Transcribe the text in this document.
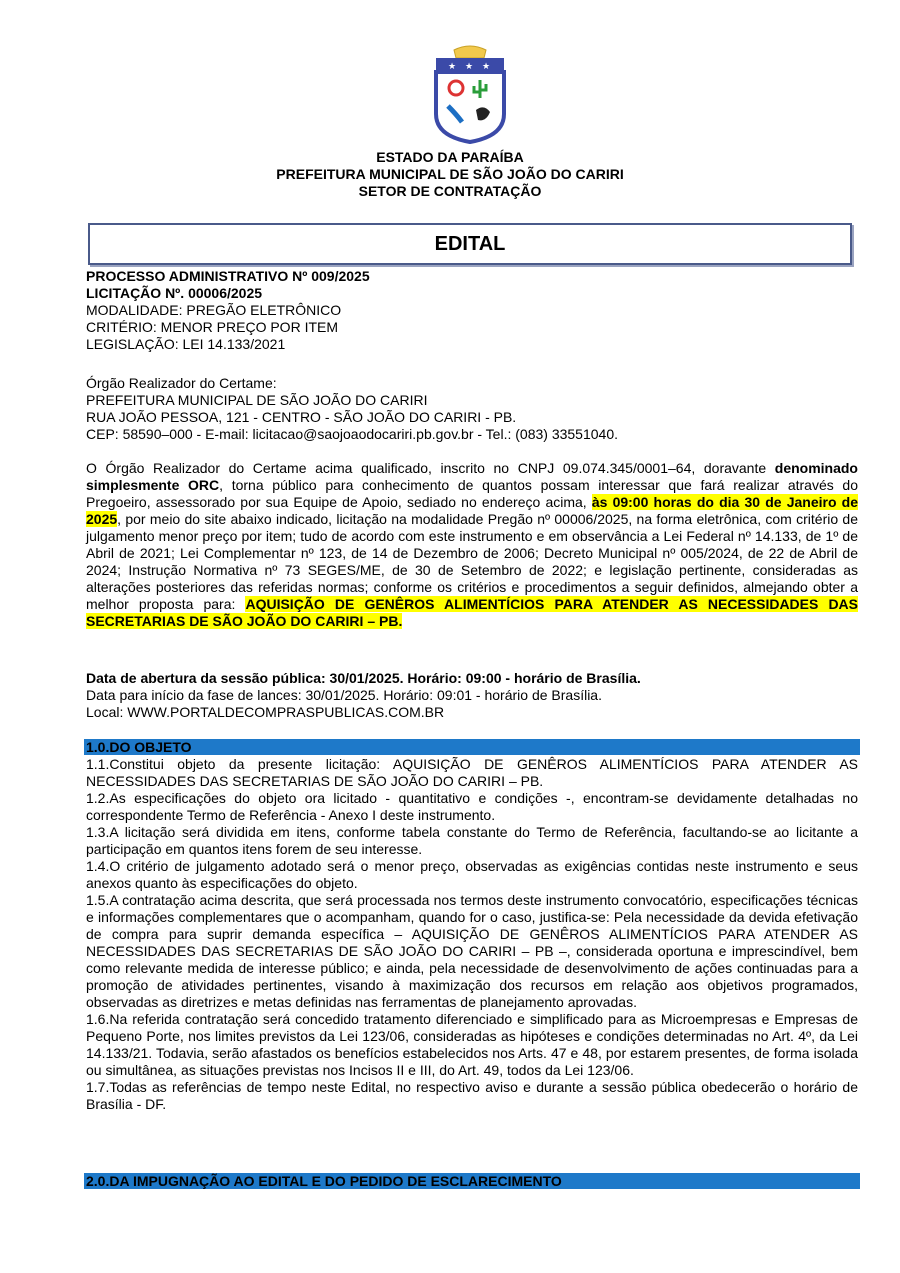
★ ★ ★
ESTADO DA PARAÍBA
PREFEITURA MUNICIPAL DE SÃO JOÃO DO CARIRI
SETOR DE CONTRATAÇÃO
EDITAL

PROCESSO ADMINISTRATIVO Nº 009/2025

LICITAÇÃO Nº. 00006/2025

MODALIDADE: PREGÃO ELETRÔNICO

CRITÉRIO: MENOR PREÇO POR ITEM

LEGISLAÇÃO: LEI 14.133/2021

Órgão Realizador do Certame:

PREFEITURA MUNICIPAL DE SÃO JOÃO DO CARIRI

RUA JOÃO PESSOA, 121 - CENTRO - SÃO JOÃO DO CARIRI - PB.

CEP: 58590–000 - E-mail: licitacao@saojoaodocariri.pb.gov.br - Tel.: (083) 33551040.

O Órgão Realizador do Certame acima qualificado, inscrito no CNPJ 09.074.345/0001–64, doravante denominado simplesmente ORC, torna público para conhecimento de quantos possam interessar que fará realizar através do Pregoeiro, assessorado por sua Equipe de Apoio, sediado no endereço acima, às 09:00 horas do dia 30 de Janeiro de 2025, por meio do site abaixo indicado, licitação na modalidade Pregão nº 00006/2025, na forma eletrônica, com critério de julgamento menor preço por item; tudo de acordo com este instrumento e em observância a Lei Federal nº 14.133, de 1º de Abril de 2021; Lei Complementar nº 123, de 14 de Dezembro de 2006; Decreto Municipal nº 005/2024, de 22 de Abril de 2024; Instrução Normativa nº 73 SEGES/ME, de 30 de Setembro de 2022; e legislação pertinente, consideradas as alterações posteriores das referidas normas; conforme os critérios e procedimentos a seguir definidos, almejando obter a melhor proposta para: AQUISIÇÃO DE GENÊROS ALIMENTÍCIOS PARA ATENDER AS NECESSIDADES DAS SECRETARIAS DE SÃO JOÃO DO CARIRI – PB.

Data de abertura da sessão pública: 30/01/2025. Horário: 09:00 - horário de Brasília.

Data para início da fase de lances: 30/01/2025. Horário: 09:01 - horário de Brasília.

Local: WWW.PORTALDECOMPRASPUBLICAS.COM.BR

1.0.DO OBJETO

1.1.Constitui objeto da presente licitação: AQUISIÇÃO DE GENÊROS ALIMENTÍCIOS PARA ATENDER AS NECESSIDADES DAS SECRETARIAS DE SÃO JOÃO DO CARIRI – PB.

1.2.As especificações do objeto ora licitado - quantitativo e condições -, encontram-se devidamente detalhadas no correspondente Termo de Referência - Anexo I deste instrumento.

1.3.A licitação será dividida em itens, conforme tabela constante do Termo de Referência, facultando-se ao licitante a participação em quantos itens forem de seu interesse.

1.4.O critério de julgamento adotado será o menor preço, observadas as exigências contidas neste instrumento e seus anexos quanto às especificações do objeto.

1.5.A contratação acima descrita, que será processada nos termos deste instrumento convocatório, especificações técnicas e informações complementares que o acompanham, quando for o caso, justifica-se: Pela necessidade da devida efetivação de compra para suprir demanda específica – AQUISIÇÃO DE GENÊROS ALIMENTÍCIOS PARA ATENDER AS NECESSIDADES DAS SECRETARIAS DE SÃO JOÃO DO CARIRI – PB –, considerada oportuna e imprescindível, bem como relevante medida de interesse público; e ainda, pela necessidade de desenvolvimento de ações continuadas para a promoção de atividades pertinentes, visando à maximização dos recursos em relação aos objetivos programados, observadas as diretrizes e metas definidas nas ferramentas de planejamento aprovadas.

1.6.Na referida contratação será concedido tratamento diferenciado e simplificado para as Microempresas e Empresas de Pequeno Porte, nos limites previstos da Lei 123/06, consideradas as hipóteses e condições determinadas no Art. 4º, da Lei 14.133/21. Todavia, serão afastados os benefícios estabelecidos nos Arts. 47 e 48, por estarem presentes, de forma isolada ou simultânea, as situações previstas nos Incisos II e III, do Art. 49, todos da Lei 123/06.

1.7.Todas as referências de tempo neste Edital, no respectivo aviso e durante a sessão pública obedecerão o horário de Brasília - DF.

2.0.DA IMPUGNAÇÃO AO EDITAL E DO PEDIDO DE ESCLARECIMENTO
